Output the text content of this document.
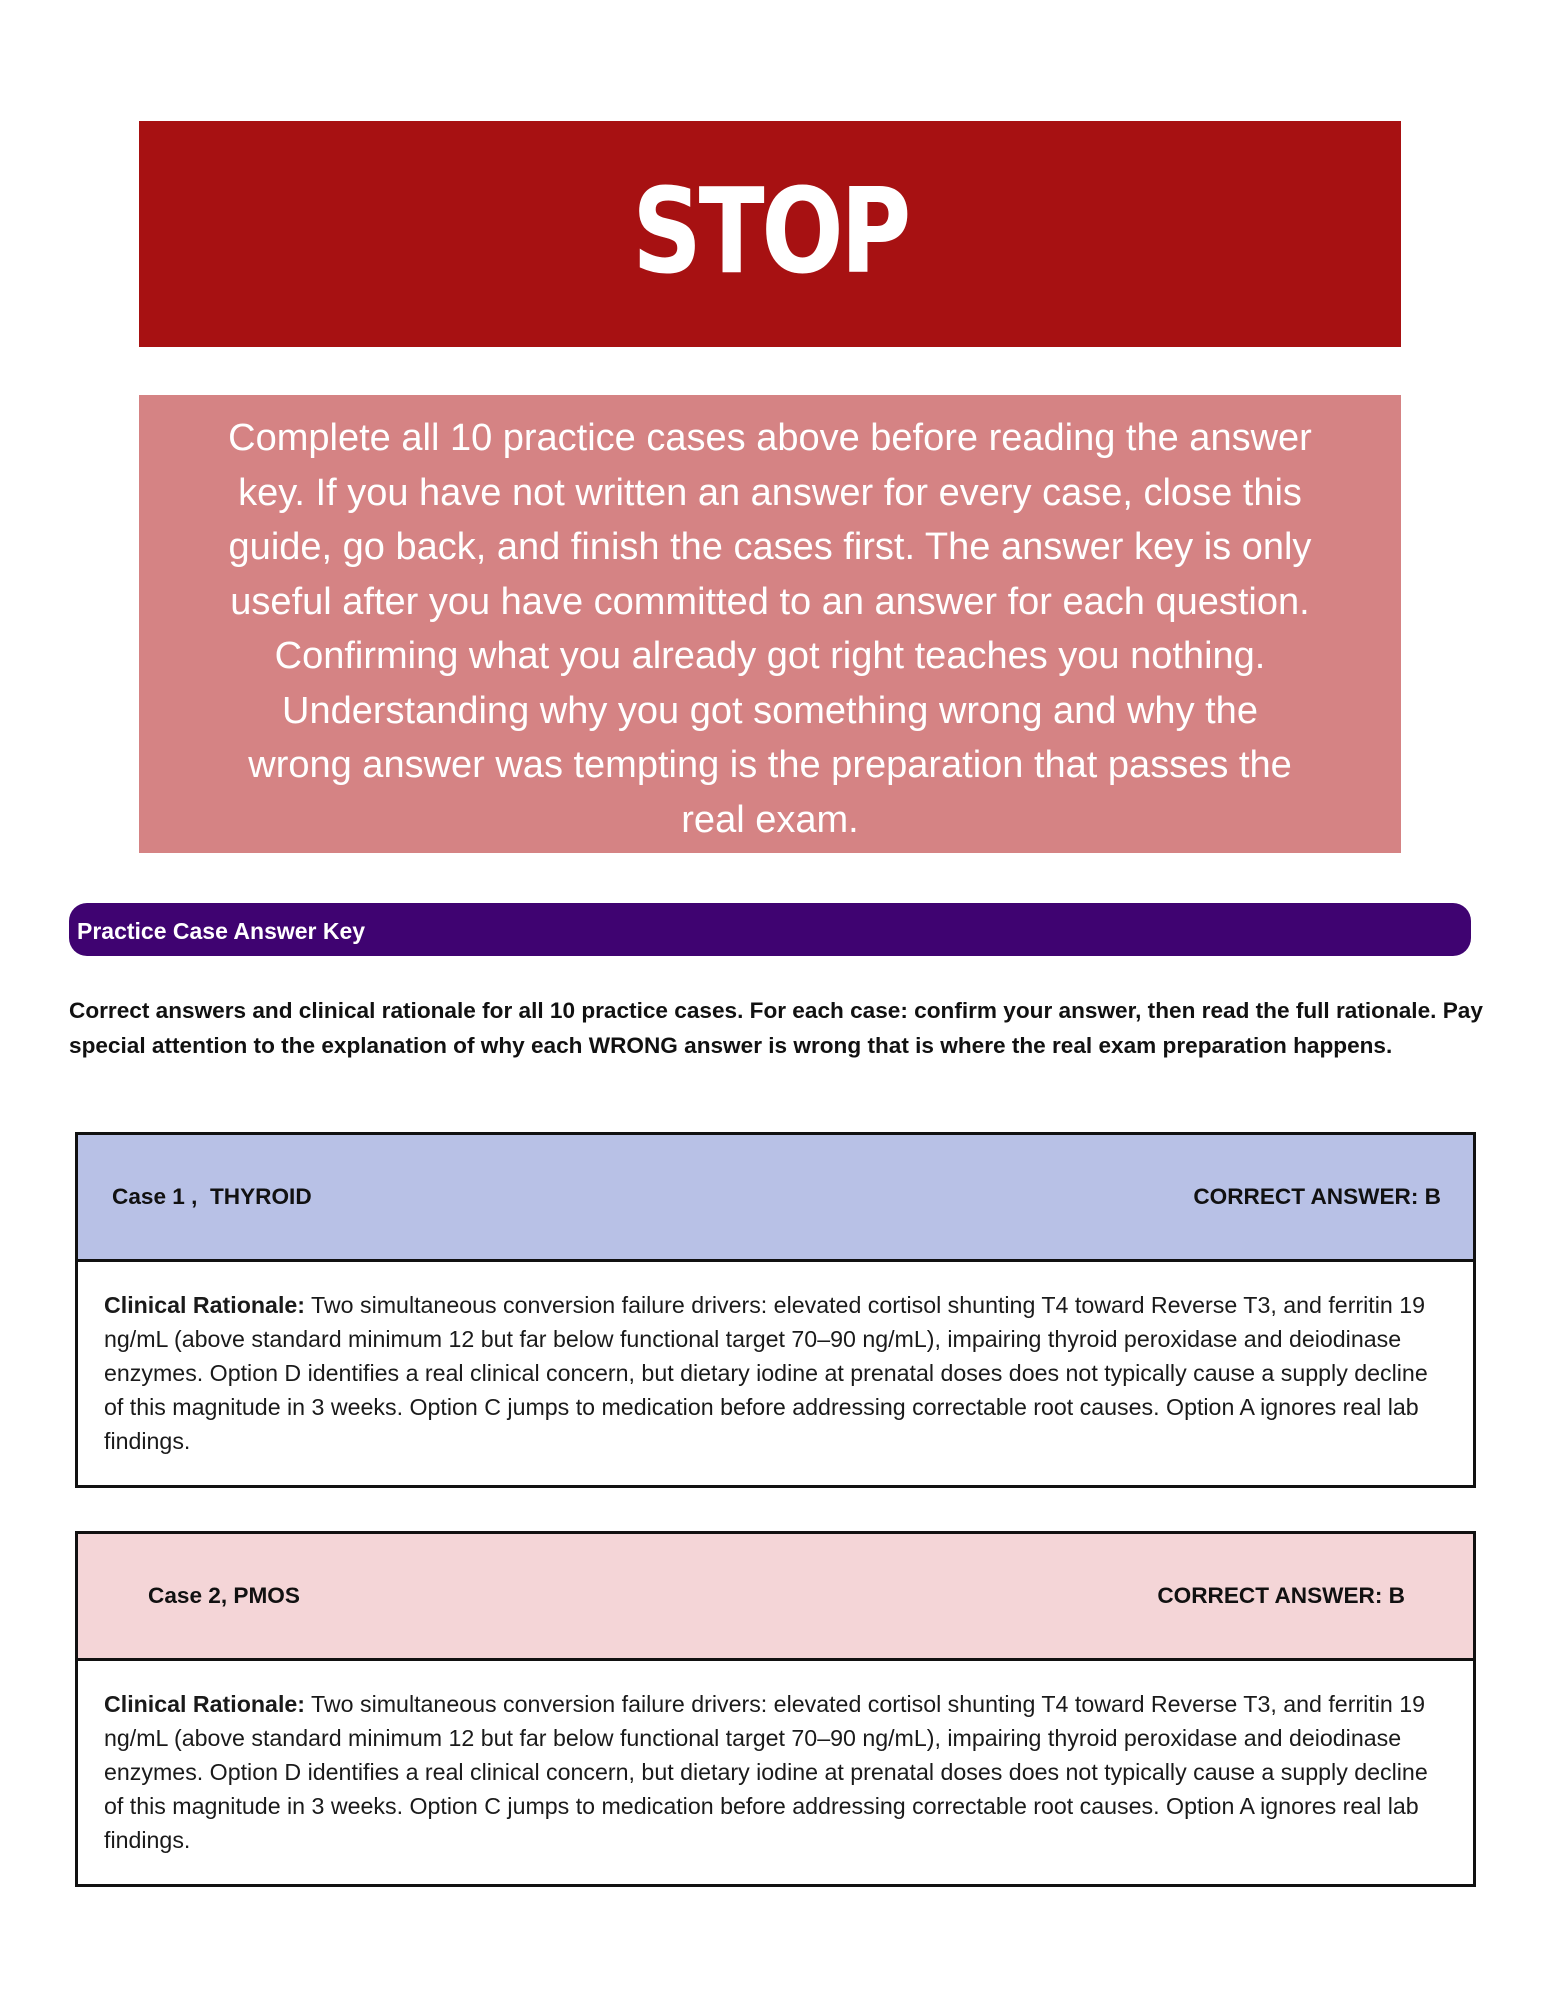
STOP

Complete all 10 practice cases above before reading the answer
key. If you have not written an answer for every case, close this
guide, go back, and finish the cases first. The answer key is only
useful after you have committed to an answer for each question.
Confirming what you already got right teaches you nothing.
Understanding why you got something wrong and why the
wrong answer was tempting is the preparation that passes the
real exam.

Practice Case Answer Key

Correct answers and clinical rationale for all 10 practice cases. For each case: confirm your answer, then read the full rationale. Pay special attention to the explanation of why each WRONG answer is wrong that is where the real exam preparation happens.

Case 1 ,  THYROID	CORRECT ANSWER: B

Clinical Rationale: Two simultaneous conversion failure drivers: elevated cortisol shunting T4 toward Reverse T3, and ferritin 19 ng/mL (above standard minimum 12 but far below functional target 70–90 ng/mL), impairing thyroid peroxidase and deiodinase enzymes. Option D identifies a real clinical concern, but dietary iodine at prenatal doses does not typically cause a supply decline of this magnitude in 3 weeks. Option C jumps to medication before addressing correctable root causes. Option A ignores real lab findings.

Case 2, PMOS	CORRECT ANSWER: B

Clinical Rationale: Two simultaneous conversion failure drivers: elevated cortisol shunting T4 toward Reverse T3, and ferritin 19 ng/mL (above standard minimum 12 but far below functional target 70–90 ng/mL), impairing thyroid peroxidase and deiodinase enzymes. Option D identifies a real clinical concern, but dietary iodine at prenatal doses does not typically cause a supply decline of this magnitude in 3 weeks. Option C jumps to medication before addressing correctable root causes. Option A ignores real lab findings.
